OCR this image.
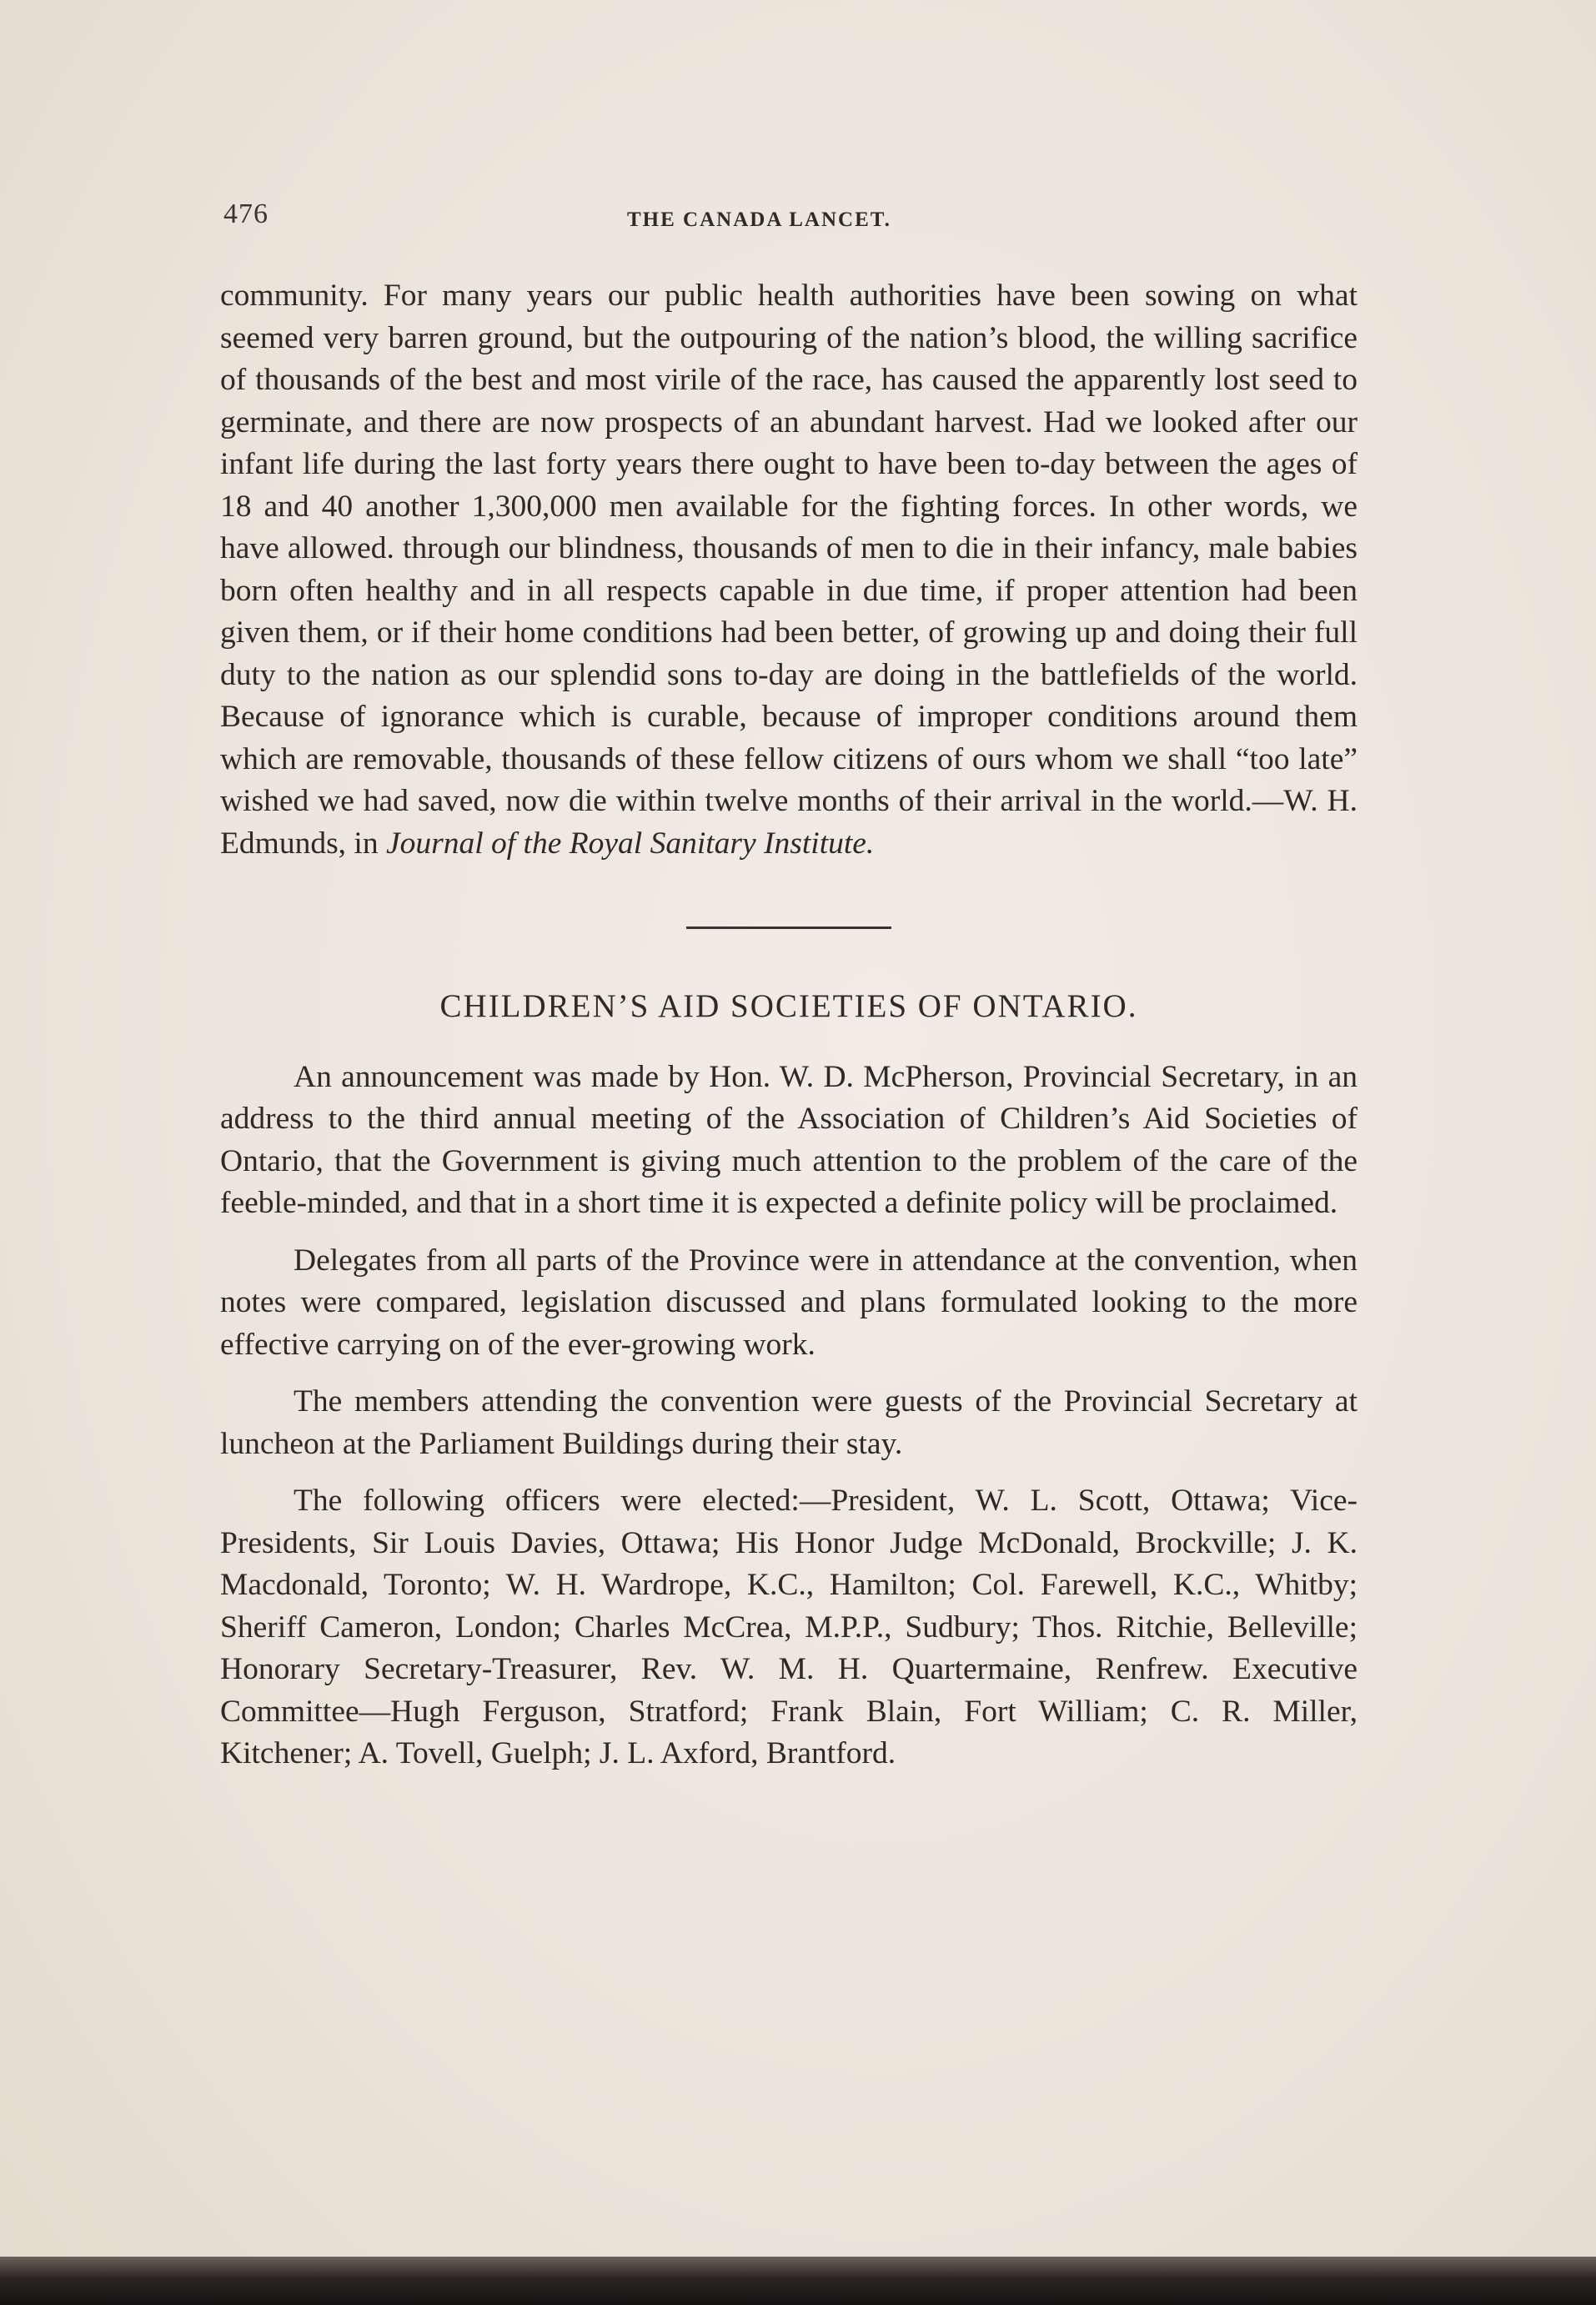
476	THE CANADA LANCET.

community. For many years our public health authorities have been sowing on what seemed very barren ground, but the outpouring of the nation’s blood, the willing sacrifice of thousands of the best and most virile of the race, has caused the apparently lost seed to germinate, and there are now prospects of an abundant harvest. Had we looked after our infant life during the last forty years there ought to have been to-day between the ages of 18 and 40 another 1,300,000 men available for the fighting forces. In other words, we have allowed. through our blindness, thousands of men to die in their infancy, male babies born often healthy and in all respects capable in due time, if proper attention had been given them, or if their home conditions had been better, of growing up and doing their full duty to the nation as our splendid sons to-day are doing in the battlefields of the world. Because of ignorance which is curable, because of improper conditions around them which are removable, thousands of these fellow citizens of ours whom we shall “too late” wished we had saved, now die within twelve months of their arrival in the world.—W. H. Edmunds, in Journal of the Royal Sanitary Institute.

CHILDREN’S AID SOCIETIES OF ONTARIO.

An announcement was made by Hon. W. D. McPherson, Provincial Secretary, in an address to the third annual meeting of the Association of Children’s Aid Societies of Ontario, that the Government is giving much attention to the problem of the care of the feeble-minded, and that in a short time it is expected a definite policy will be proclaimed.

Delegates from all parts of the Province were in attendance at the convention, when notes were compared, legislation discussed and plans formulated looking to the more effective carrying on of the ever-growing work.

The members attending the convention were guests of the Provincial Secretary at luncheon at the Parliament Buildings during their stay.

The following officers were elected:—President, W. L. Scott, Ottawa; Vice-Presidents, Sir Louis Davies, Ottawa; His Honor Judge McDonald, Brockville; J. K. Macdonald, Toronto; W. H. Wardrope, K.C., Hamilton; Col. Farewell, K.C., Whitby; Sheriff Cameron, London; Charles McCrea, M.P.P., Sudbury; Thos. Ritchie, Belleville; Honorary Secretary-Treasurer, Rev. W. M. H. Quartermaine, Renfrew. Executive Committee—Hugh Ferguson, Stratford; Frank Blain, Fort William; C. R. Miller, Kitchener; A. Tovell, Guelph; J. L. Axford, Brantford.
